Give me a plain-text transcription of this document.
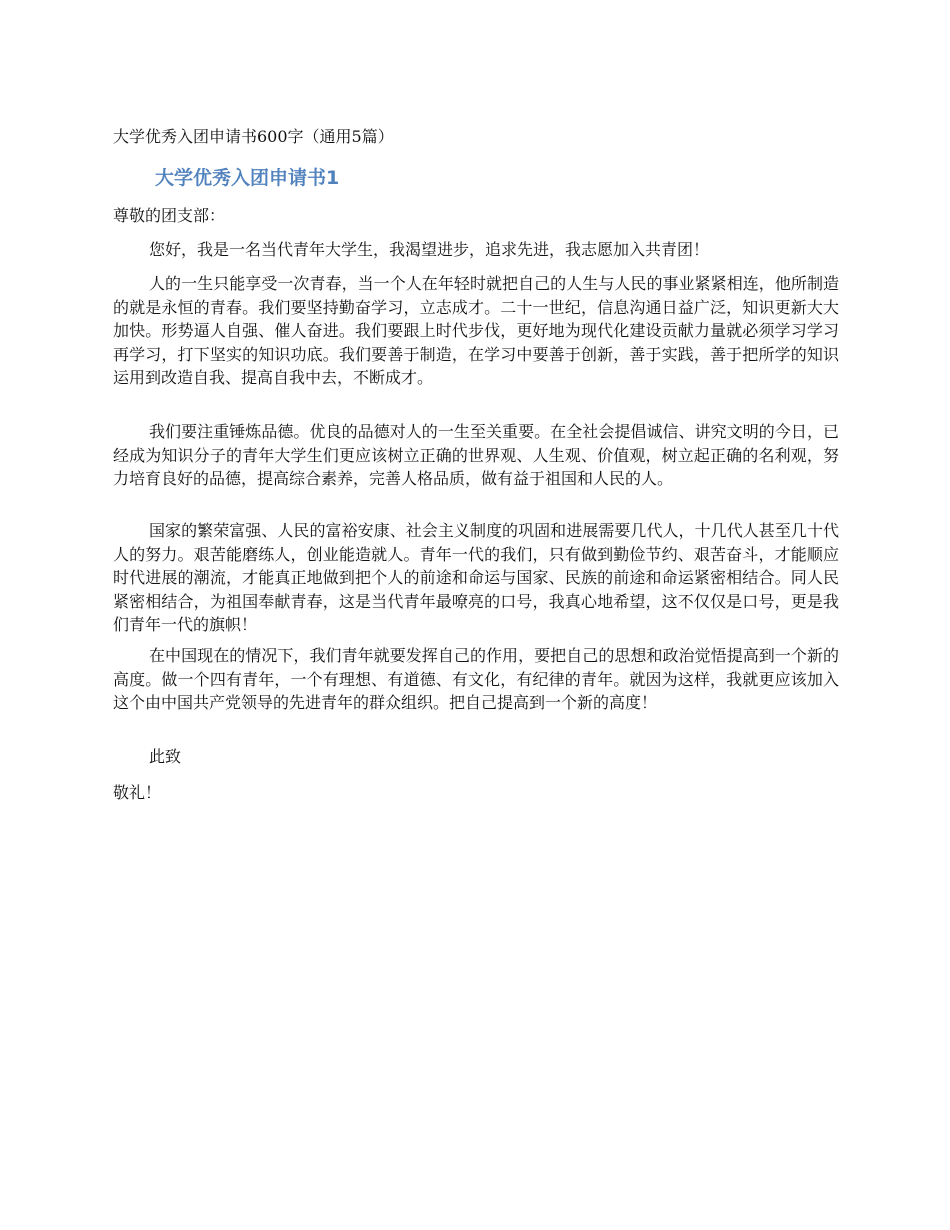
大学优秀入团申请书600字（通用5篇）
大学优秀入团申请书1
尊敬的团支部：
您好，我是一名当代青年大学生，我渴望进步，追求先进，我志愿加入共青团！
人的一生只能享受一次青春，当一个人在年轻时就把自己的人生与人民的事业紧紧相连，他所制造的就是永恒的青春。我们要坚持勤奋学习，立志成才。二十一世纪，信息沟通日益广泛，知识更新大大加快。形势逼人自强、催人奋进。我们要跟上时代步伐，更好地为现代化建设贡献力量就必须学习学习再学习，打下坚实的知识功底。我们要善于制造，在学习中要善于创新，善于实践，善于把所学的知识运用到改造自我、提高自我中去，不断成才。
我们要注重锤炼品德。优良的品德对人的一生至关重要。在全社会提倡诚信、讲究文明的今日，已经成为知识分子的青年大学生们更应该树立正确的世界观、人生观、价值观，树立起正确的名利观，努力培育良好的品德，提高综合素养，完善人格品质，做有益于祖国和人民的人。
国家的繁荣富强、人民的富裕安康、社会主义制度的巩固和进展需要几代人，十几代人甚至几十代人的努力。艰苦能磨练人，创业能造就人。青年一代的我们，只有做到勤俭节约、艰苦奋斗，才能顺应时代进展的潮流，才能真正地做到把个人的前途和命运与国家、民族的前途和命运紧密相结合。同人民紧密相结合，为祖国奉献青春，这是当代青年最嘹亮的口号，我真心地希望，这不仅仅是口号，更是我们青年一代的旗帜！
在中国现在的情况下，我们青年就要发挥自己的作用，要把自己的思想和政治觉悟提高到一个新的高度。做一个四有青年，一个有理想、有道德、有文化，有纪律的青年。就因为这样，我就更应该加入这个由中国共产党领导的先进青年的群众组织。把自己提高到一个新的高度！
此致
敬礼！
